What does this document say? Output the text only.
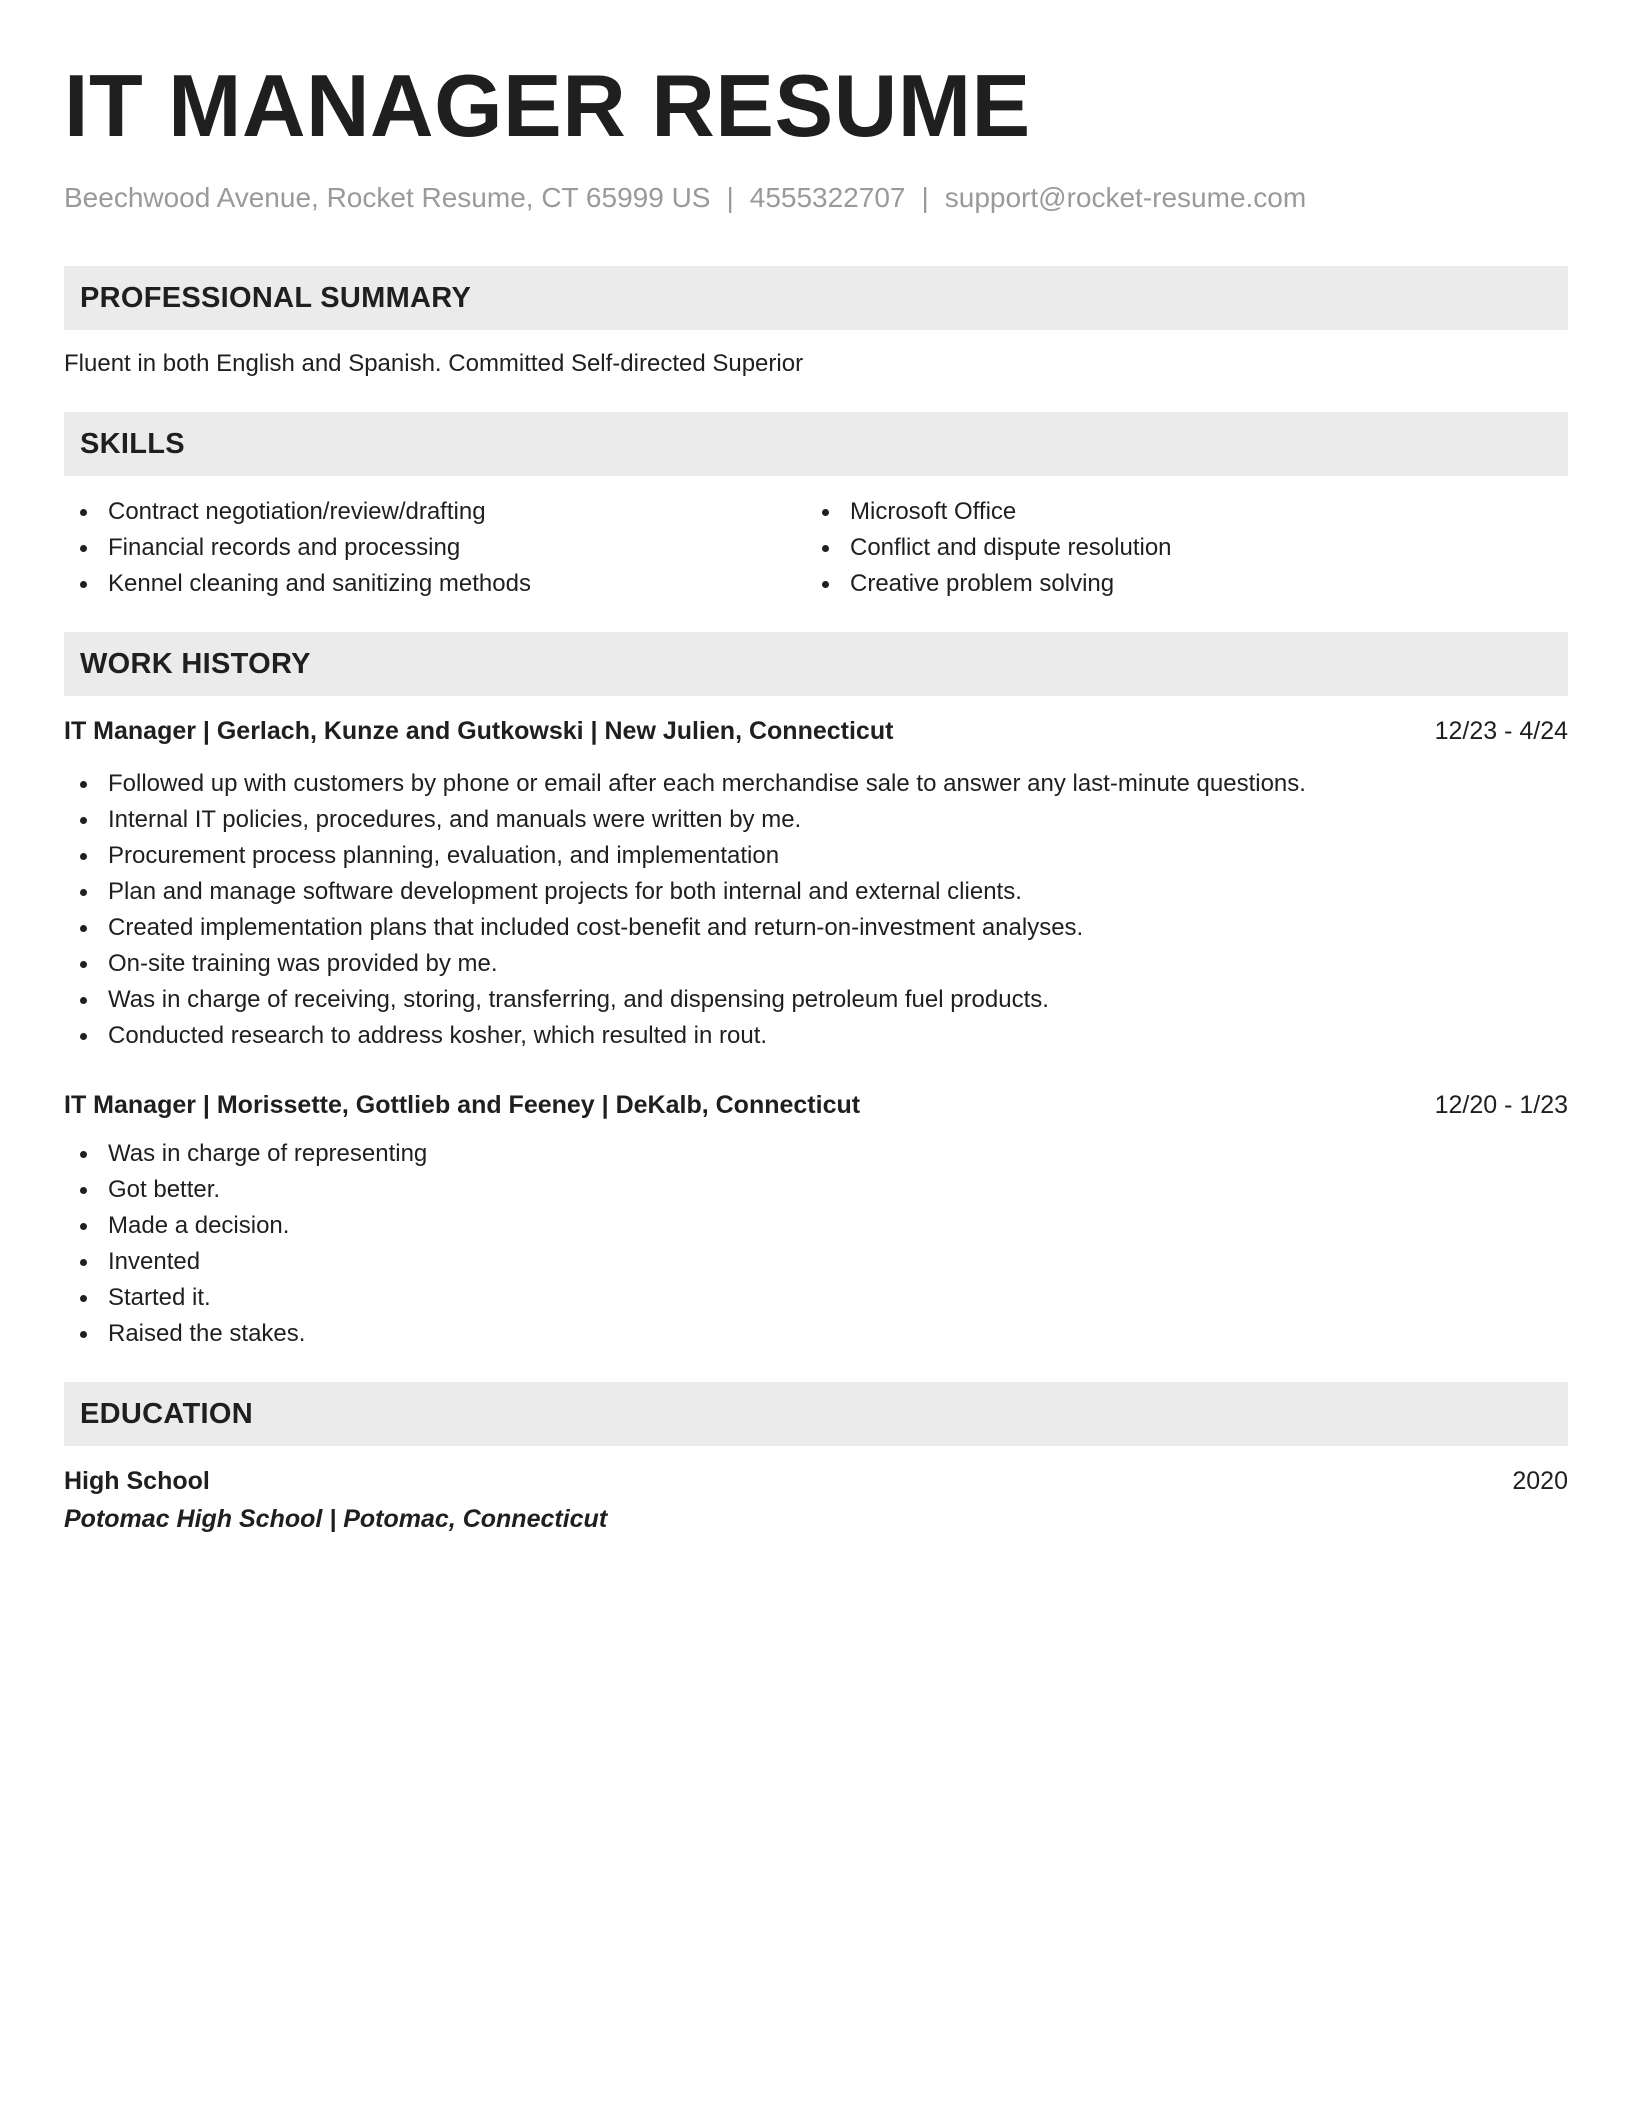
IT MANAGER RESUME
Beechwood Avenue, Rocket Resume, CT 65999 US | 4555322707 | support@rocket-resume.com
PROFESSIONAL SUMMARY
Fluent in both English and Spanish. Committed Self-directed Superior
SKILLS
Contract negotiation/review/drafting
Financial records and processing
Kennel cleaning and sanitizing methods
Microsoft Office
Conflict and dispute resolution
Creative problem solving
WORK HISTORY
IT Manager | Gerlach, Kunze and Gutkowski | New Julien, Connecticut	12/23 - 4/24
Followed up with customers by phone or email after each merchandise sale to answer any last-minute questions.
Internal IT policies, procedures, and manuals were written by me.
Procurement process planning, evaluation, and implementation
Plan and manage software development projects for both internal and external clients.
Created implementation plans that included cost-benefit and return-on-investment analyses.
On-site training was provided by me.
Was in charge of receiving, storing, transferring, and dispensing petroleum fuel products.
Conducted research to address kosher, which resulted in rout.
IT Manager | Morissette, Gottlieb and Feeney | DeKalb, Connecticut	12/20 - 1/23
Was in charge of representing
Got better.
Made a decision.
Invented
Started it.
Raised the stakes.
EDUCATION
High School	2020
Potomac High School | Potomac, Connecticut
